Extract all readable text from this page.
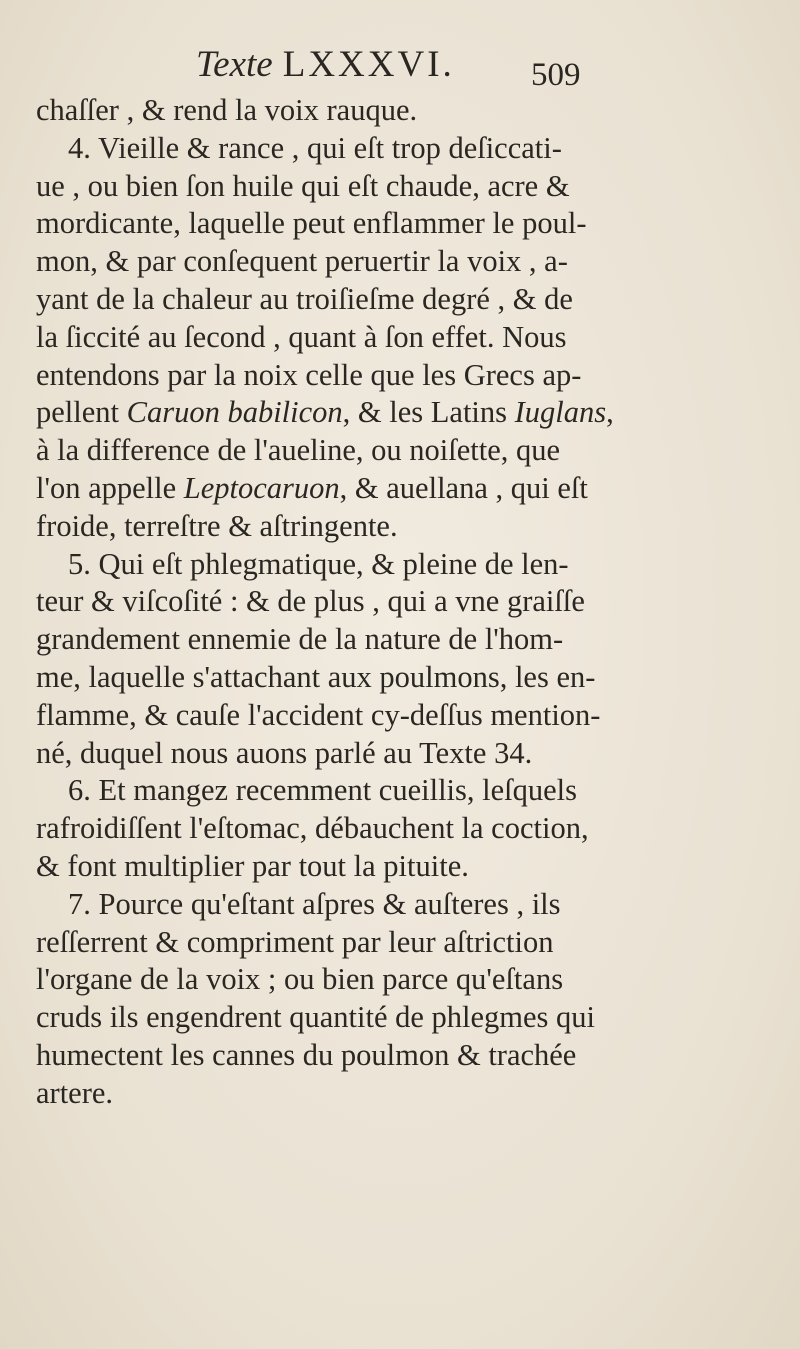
Texte LXXXVI. 509
chaſſer , & rend la voix rauque.
4. Vieille & rance , qui eſt trop deſiccati-
ue , ou bien ſon huile qui eſt chaude, acre &
mordicante, laquelle peut enflammer le poul-
mon, & par conſequent peruertir la voix , a-
yant de la chaleur au troiſieſme degré , & de
la ſiccité au ſecond , quant à ſon effet. Nous
entendons par la noix celle que les Grecs ap-
pellent Caruon babilicon, & les Latins Iuglans,
à la difference de l'aueline, ou noiſette, que
l'on appelle Leptocaruon, & auellana , qui eſt
froide, terreſtre & aſtringente.
5. Qui eſt phlegmatique, & pleine de len-
teur & viſcoſité : & de plus , qui a vne graiſſe
grandement ennemie de la nature de l'hom-
me, laquelle s'attachant aux poulmons, les en-
flamme, & cauſe l'accident cy-deſſus mention-
né, duquel nous auons parlé au Texte 34.
6. Et mangez recemment cueillis, leſquels
rafroidiſſent l'eſtomac, débauchent la coction,
& font multiplier par tout la pituite.
7. Pource qu'eſtant aſpres & auſteres , ils
reſſerrent & compriment par leur aſtriction
l'organe de la voix ; ou bien parce qu'eſtans
cruds ils engendrent quantité de phlegmes qui
humectent les cannes du poulmon & trachée
artere.
